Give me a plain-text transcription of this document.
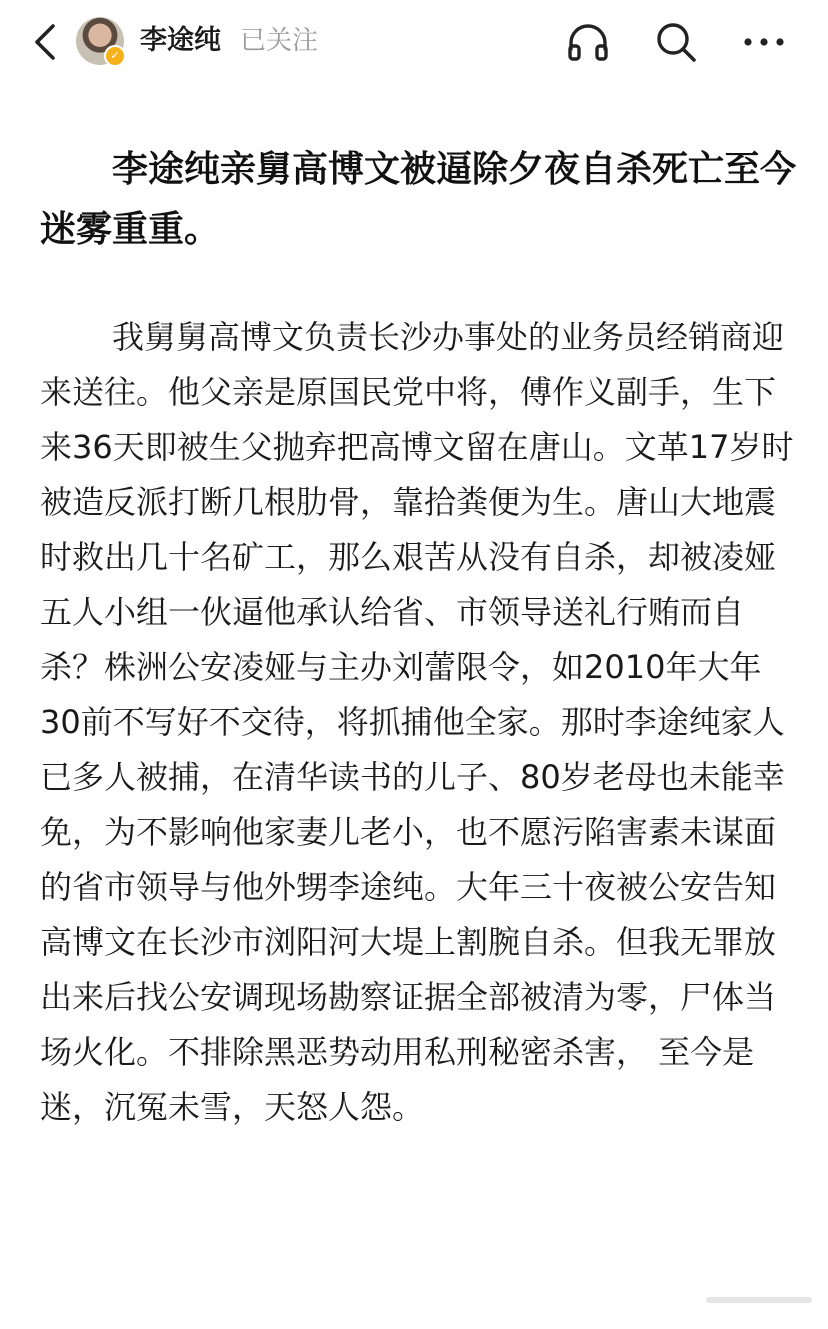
✓ 李途纯 已关注

李途纯亲舅高博文被逼除夕夜自杀死亡至今迷雾重重。

我舅舅高博文负责长沙办事处的业务员经销商迎来送往。他父亲是原国民党中将，傅作义副手，生下来36天即被生父抛弃把高博文留在唐山。文革17岁时被造反派打断几根肋骨，靠拾粪便为生。唐山大地震时救出几十名矿工，那么艰苦从没有自杀，却被凌娅五人小组一伙逼他承认给省、市领导送礼行贿而自杀？株洲公安凌娅与主办刘蕾限令，如2010年大年30前不写好不交待，将抓捕他全家。那时李途纯家人已多人被捕，在清华读书的儿子、80岁老母也未能幸免，为不影响他家妻儿老小，也不愿污陷害素未谋面的省市领导与他外甥李途纯。大年三十夜被公安告知高博文在长沙市浏阳河大堤上割腕自杀。但我无罪放出来后找公安调现场勘察证据全部被清为零，尸体当场火化。不排除黑恶势动用私刑秘密杀害， 至今是迷，沉冤未雪，天怒人怨。
